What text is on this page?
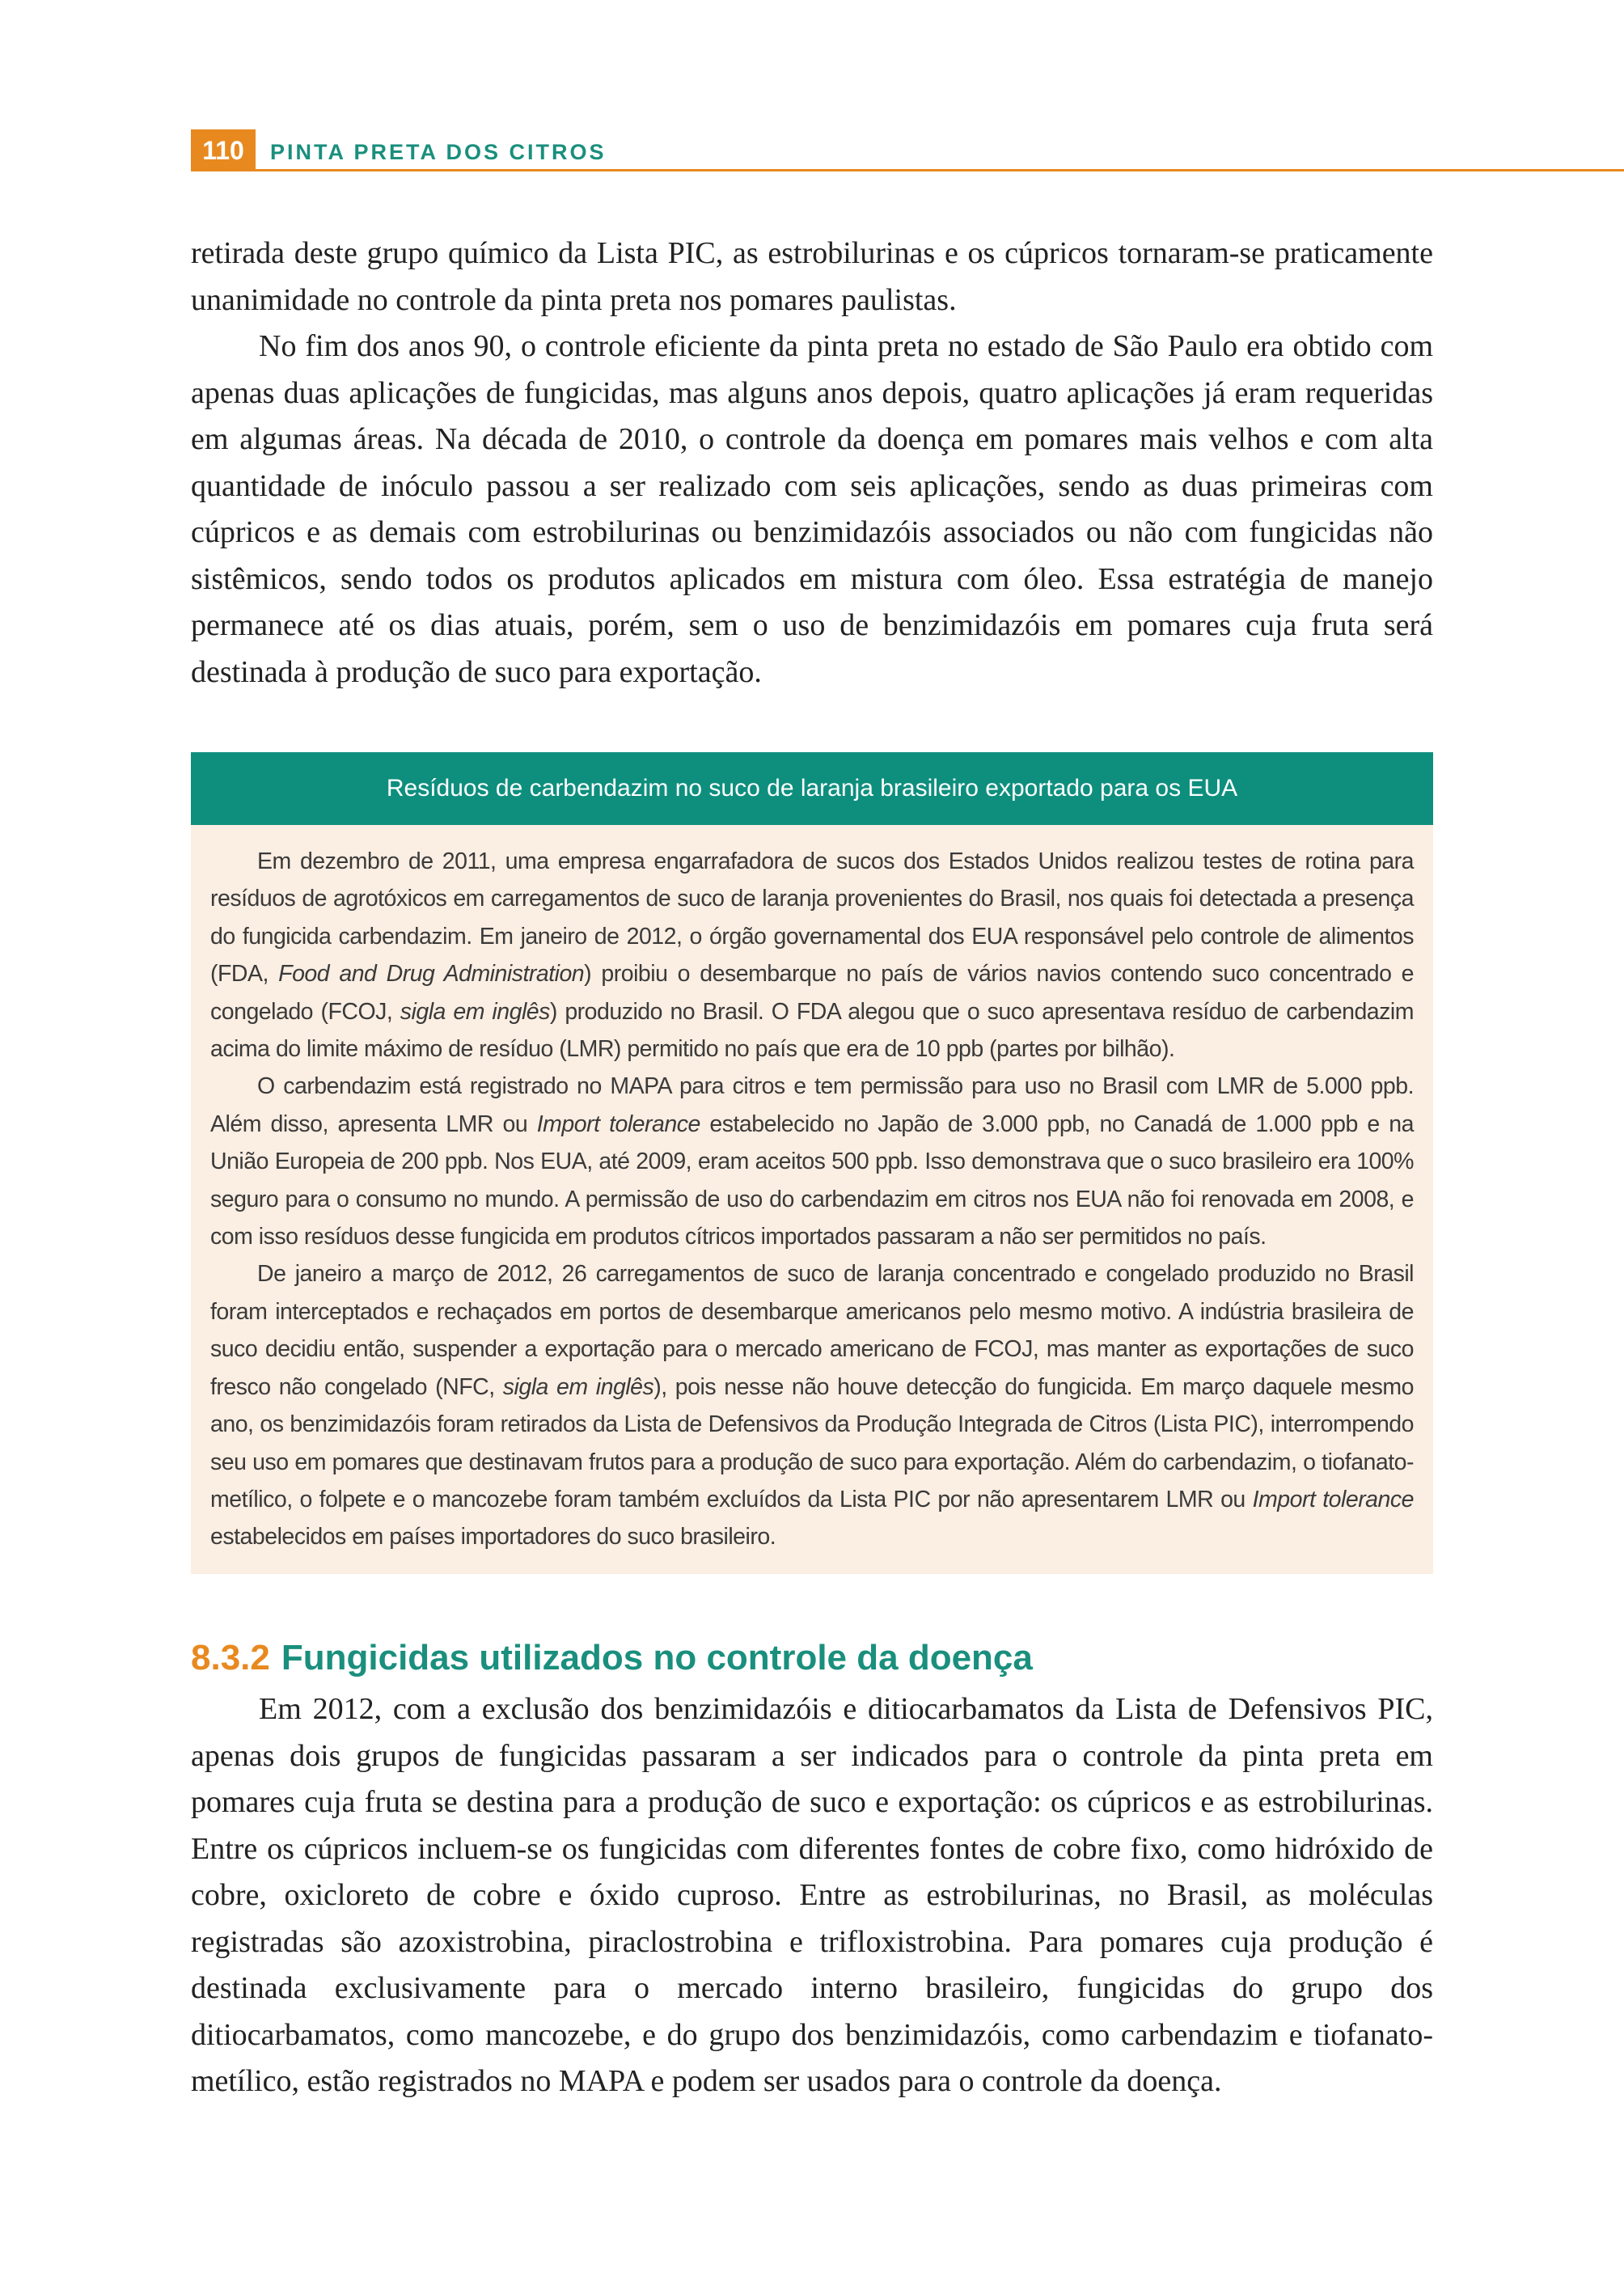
110	PINTA PRETA DOS CITROS

retirada deste grupo químico da Lista PIC, as estrobilurinas e os cúpricos tornaram-se praticamente unanimidade no controle da pinta preta nos pomares paulistas.

No fim dos anos 90, o controle eficiente da pinta preta no estado de São Paulo era obtido com apenas duas aplicações de fungicidas, mas alguns anos depois, quatro aplicações já eram requeridas em algumas áreas. Na década de 2010, o controle da doença em pomares mais velhos e com alta quantidade de inóculo passou a ser realizado com seis aplicações, sendo as duas primeiras com cúpricos e as demais com estrobilurinas ou benzimidazóis associados ou não com fungicidas não sistêmicos, sendo todos os produtos aplicados em mistura com óleo. Essa estratégia de manejo permanece até os dias atuais, porém, sem o uso de benzimidazóis em pomares cuja fruta será destinada à produção de suco para exportação.

Resíduos de carbendazim no suco de laranja brasileiro exportado para os EUA

Em dezembro de 2011, uma empresa engarrafadora de sucos dos Estados Unidos realizou testes de rotina para resíduos de agrotóxicos em carregamentos de suco de laranja provenientes do Brasil, nos quais foi detectada a presença do fungicida carbendazim. Em janeiro de 2012, o órgão governamental dos EUA responsável pelo controle de alimentos (FDA, Food and Drug Administration) proibiu o desembarque no país de vários navios contendo suco concentrado e congelado (FCOJ, sigla em inglês) produzido no Brasil. O FDA alegou que o suco apresentava resíduo de carbendazim acima do limite máximo de resíduo (LMR) permitido no país que era de 10 ppb (partes por bilhão).

O carbendazim está registrado no MAPA para citros e tem permissão para uso no Brasil com LMR de 5.000 ppb. Além disso, apresenta LMR ou Import tolerance estabelecido no Japão de 3.000 ppb, no Canadá de 1.000 ppb e na União Europeia de 200 ppb. Nos EUA, até 2009, eram aceitos 500 ppb. Isso demonstrava que o suco brasileiro era 100% seguro para o consumo no mundo. A permissão de uso do carbendazim em citros nos EUA não foi renovada em 2008, e com isso resíduos desse fungicida em produtos cítricos importados passaram a não ser permitidos no país.

De janeiro a março de 2012, 26 carregamentos de suco de laranja concentrado e congelado produzido no Brasil foram interceptados e rechaçados em portos de desembarque americanos pelo mesmo motivo. A indústria brasileira de suco decidiu então, suspender a exportação para o mercado americano de FCOJ, mas manter as exportações de suco fresco não congelado (NFC, sigla em inglês), pois nesse não houve detecção do fungicida. Em março daquele mesmo ano, os benzimidazóis foram retirados da Lista de Defensivos da Produção Integrada de Citros (Lista PIC), interrompendo seu uso em pomares que destinavam frutos para a produção de suco para exportação. Além do carbendazim, o tiofanato-metílico, o folpete e o mancozebe foram também excluídos da Lista PIC por não apresentarem LMR ou Import tolerance estabelecidos em países importadores do suco brasileiro.

8.3.2 Fungicidas utilizados no controle da doença

Em 2012, com a exclusão dos benzimidazóis e ditiocarbamatos da Lista de Defensivos PIC, apenas dois grupos de fungicidas passaram a ser indicados para o controle da pinta preta em pomares cuja fruta se destina para a produção de suco e exportação: os cúpricos e as estrobilurinas. Entre os cúpricos incluem-se os fungicidas com diferentes fontes de cobre fixo, como hidróxido de cobre, oxicloreto de cobre e óxido cuproso. Entre as estrobilurinas, no Brasil, as moléculas registradas são azoxistrobina, piraclostrobina e trifloxistrobina. Para pomares cuja produção é destinada exclusivamente para o mercado interno brasileiro, fungicidas do grupo dos ditiocarbamatos, como mancozebe, e do grupo dos benzimidazóis, como carbendazim e tiofanato-metílico, estão registrados no MAPA e podem ser usados para o controle da doença.
